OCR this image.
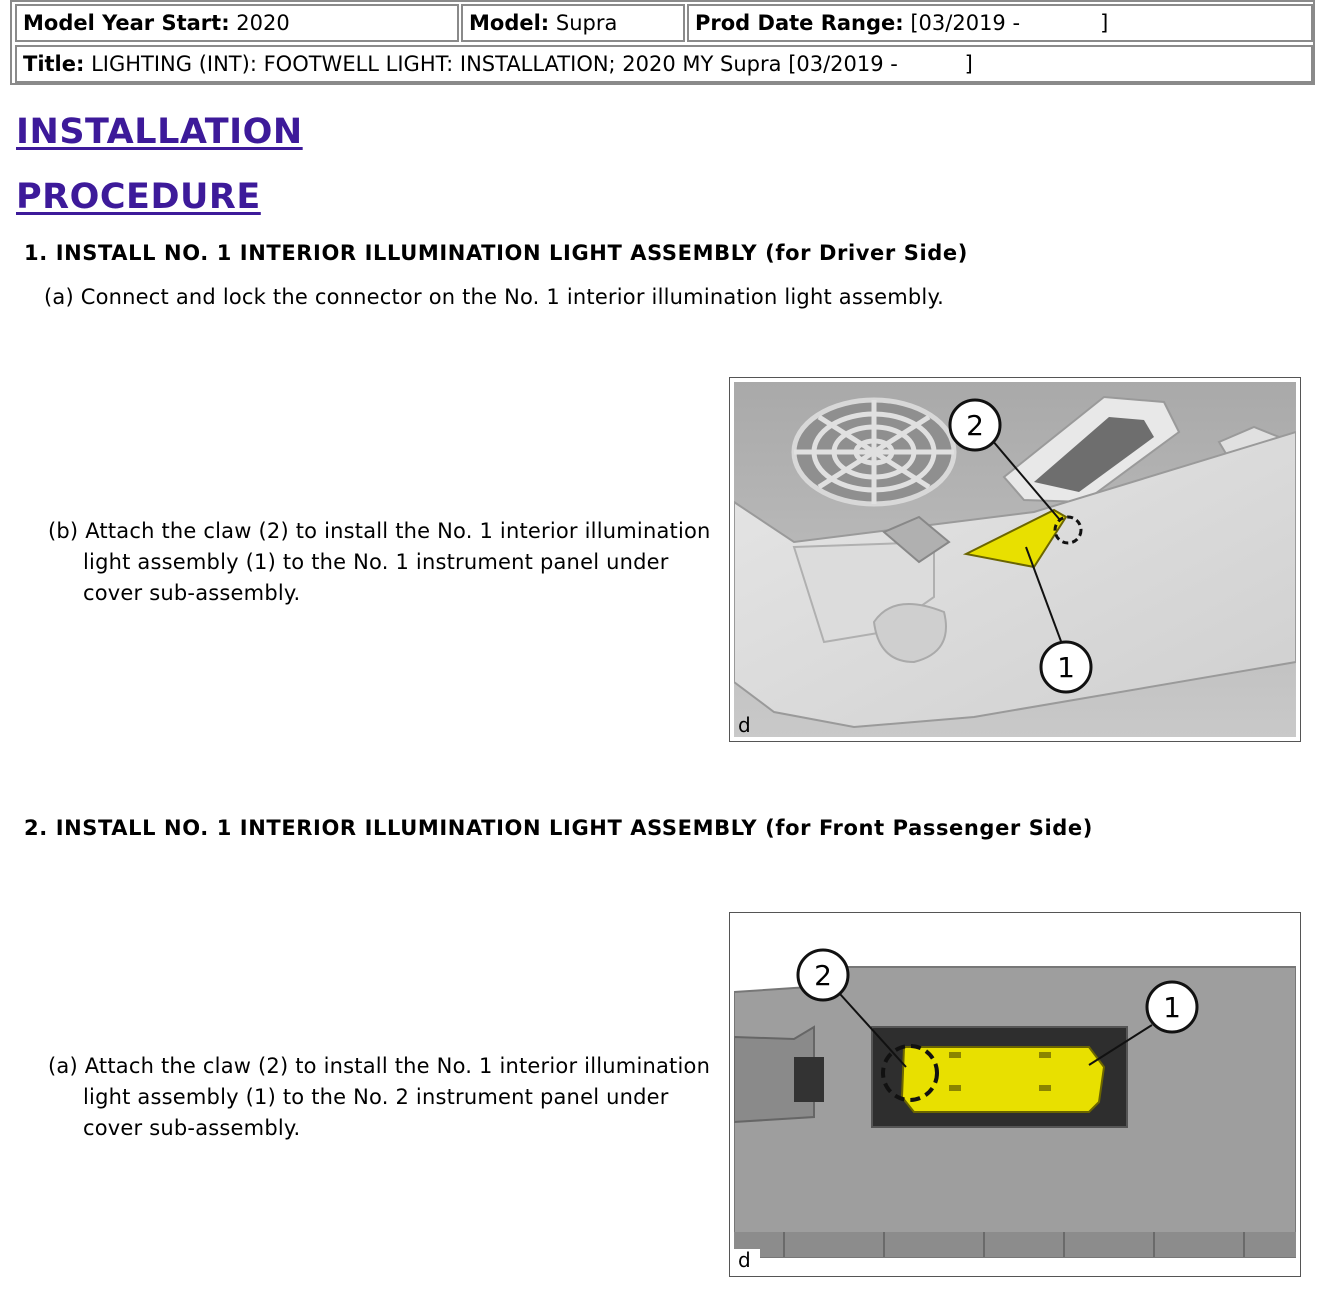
Model Year Start: 2020	Model: Supra	Prod Date Range: [03/2019 -            ]
Title: LIGHTING (INT): FOOTWELL LIGHT: INSTALLATION; 2020 MY Supra [03/2019 -          ]
INSTALLATION
PROCEDURE
1. INSTALL NO. 1 INTERIOR ILLUMINATION LIGHT ASSEMBLY (for Driver Side)
(a) Connect and lock the connector on the No. 1 interior illumination light assembly.
(b) Attach the claw (2) to install the No. 1 interior illumination
light assembly (1) to the No. 1 instrument panel under
cover sub-assembly.
2
1
d
2. INSTALL NO. 1 INTERIOR ILLUMINATION LIGHT ASSEMBLY (for Front Passenger Side)
(a) Attach the claw (2) to install the No. 1 interior illumination
light assembly (1) to the No. 2 instrument panel under
cover sub-assembly.
2
1
d
